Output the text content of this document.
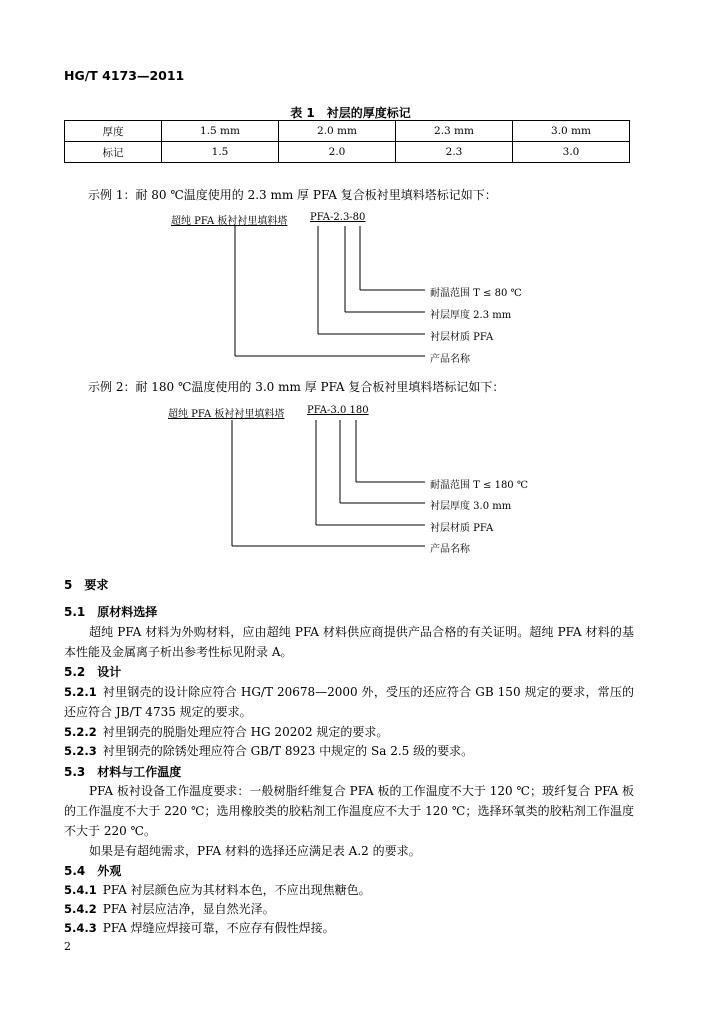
HG/T 4173—2011
表 1　衬层的厚度标记
厚度	1.5 mm	2.0 mm	2.3 mm	3.0 mm
标记	1.5	2.0	2.3	3.0
示例 1：耐 80 ℃温度使用的 2.3 mm 厚 PFA 复合板衬里填料塔标记如下：
超纯 PFA 板衬衬里填料塔 PFA-2.3-80
耐温范围 T ≤ 80 ℃
衬层厚度 2.3 mm
衬层材质 PFA
产品名称
示例 2：耐 180 ℃温度使用的 3.0 mm 厚 PFA 复合板衬里填料塔标记如下：
超纯 PFA 板衬衬里填料塔 PFA-3.0 180
耐温范围 T ≤ 180 ℃
衬层厚度 3.0 mm
衬层材质 PFA
产品名称
5　 要求
5.1　 原材料选择
超纯 PFA 材料为外购材料，应由超纯 PFA 材料供应商提供产品合格的有关证明。超纯 PFA 材料的基本性能及金属离子析出参考性标见附录 A。
5.2　 设计
5.2.1  衬里钢壳的设计除应符合 HG/T 20678—2000 外，受压的还应符合 GB 150 规定的要求，常压的还应符合 JB/T 4735 规定的要求。
5.2.2  衬里钢壳的脱脂处理应符合 HG 20202 规定的要求。
5.2.3  衬里钢壳的除锈处理应符合 GB/T 8923 中规定的 Sa 2.5 级的要求。
5.3　 材料与工作温度
PFA 板衬设备工作温度要求：一般树脂纤维复合 PFA 板的工作温度不大于 120 ℃；玻纤复合 PFA 板的工作温度不大于 220 ℃；选用橡胶类的胶粘剂工作温度应不大于 120 ℃；选择环氧类的胶粘剂工作温度不大于 220 ℃。
如果是有超纯需求，PFA 材料的选择还应满足表 A.2 的要求。
5.4　 外观
5.4.1  PFA 衬层颜色应为其材料本色，不应出现焦糖色。
5.4.2  PFA 衬层应洁净，显自然光泽。
5.4.3  PFA 焊缝应焊接可靠，不应存有假性焊接。
2
